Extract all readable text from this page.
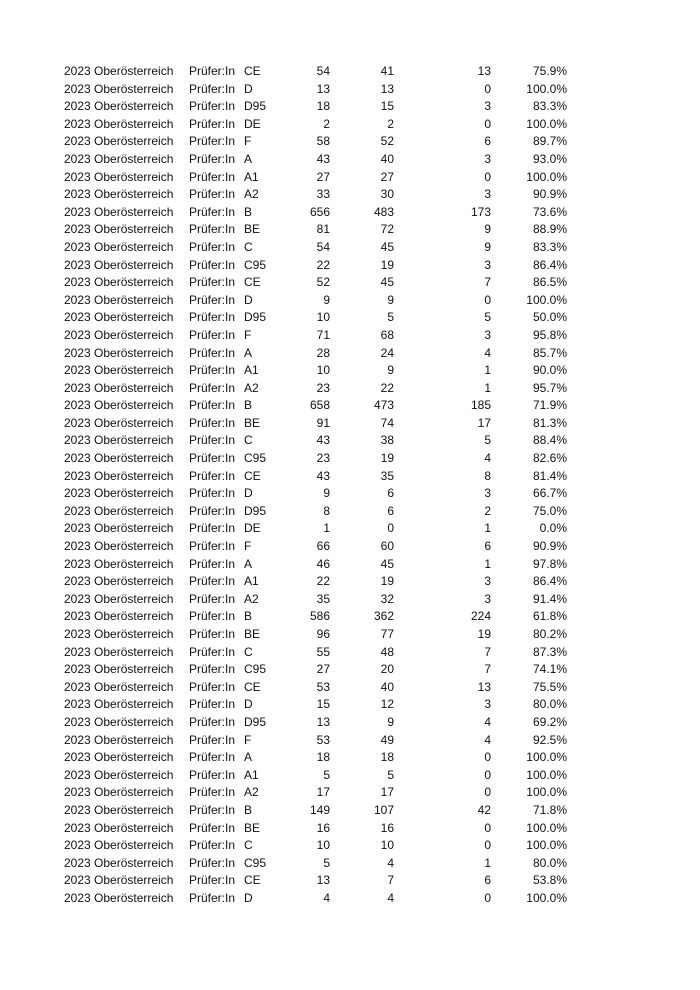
2023 Oberösterreich	Prüfer:In CE	54	41	13	75.9%
2023 Oberösterreich	Prüfer:In D	13	13	0	100.0%
2023 Oberösterreich	Prüfer:In D95	18	15	3	83.3%
2023 Oberösterreich	Prüfer:In DE	2	2	0	100.0%
2023 Oberösterreich	Prüfer:In F	58	52	6	89.7%
2023 Oberösterreich	Prüfer:In A	43	40	3	93.0%
2023 Oberösterreich	Prüfer:In A1	27	27	0	100.0%
2023 Oberösterreich	Prüfer:In A2	33	30	3	90.9%
2023 Oberösterreich	Prüfer:In B	656	483	173	73.6%
2023 Oberösterreich	Prüfer:In BE	81	72	9	88.9%
2023 Oberösterreich	Prüfer:In C	54	45	9	83.3%
2023 Oberösterreich	Prüfer:In C95	22	19	3	86.4%
2023 Oberösterreich	Prüfer:In CE	52	45	7	86.5%
2023 Oberösterreich	Prüfer:In D	9	9	0	100.0%
2023 Oberösterreich	Prüfer:In D95	10	5	5	50.0%
2023 Oberösterreich	Prüfer:In F	71	68	3	95.8%
2023 Oberösterreich	Prüfer:In A	28	24	4	85.7%
2023 Oberösterreich	Prüfer:In A1	10	9	1	90.0%
2023 Oberösterreich	Prüfer:In A2	23	22	1	95.7%
2023 Oberösterreich	Prüfer:In B	658	473	185	71.9%
2023 Oberösterreich	Prüfer:In BE	91	74	17	81.3%
2023 Oberösterreich	Prüfer:In C	43	38	5	88.4%
2023 Oberösterreich	Prüfer:In C95	23	19	4	82.6%
2023 Oberösterreich	Prüfer:In CE	43	35	8	81.4%
2023 Oberösterreich	Prüfer:In D	9	6	3	66.7%
2023 Oberösterreich	Prüfer:In D95	8	6	2	75.0%
2023 Oberösterreich	Prüfer:In DE	1	0	1	0.0%
2023 Oberösterreich	Prüfer:In F	66	60	6	90.9%
2023 Oberösterreich	Prüfer:In A	46	45	1	97.8%
2023 Oberösterreich	Prüfer:In A1	22	19	3	86.4%
2023 Oberösterreich	Prüfer:In A2	35	32	3	91.4%
2023 Oberösterreich	Prüfer:In B	586	362	224	61.8%
2023 Oberösterreich	Prüfer:In BE	96	77	19	80.2%
2023 Oberösterreich	Prüfer:In C	55	48	7	87.3%
2023 Oberösterreich	Prüfer:In C95	27	20	7	74.1%
2023 Oberösterreich	Prüfer:In CE	53	40	13	75.5%
2023 Oberösterreich	Prüfer:In D	15	12	3	80.0%
2023 Oberösterreich	Prüfer:In D95	13	9	4	69.2%
2023 Oberösterreich	Prüfer:In F	53	49	4	92.5%
2023 Oberösterreich	Prüfer:In A	18	18	0	100.0%
2023 Oberösterreich	Prüfer:In A1	5	5	0	100.0%
2023 Oberösterreich	Prüfer:In A2	17	17	0	100.0%
2023 Oberösterreich	Prüfer:In B	149	107	42	71.8%
2023 Oberösterreich	Prüfer:In BE	16	16	0	100.0%
2023 Oberösterreich	Prüfer:In C	10	10	0	100.0%
2023 Oberösterreich	Prüfer:In C95	5	4	1	80.0%
2023 Oberösterreich	Prüfer:In CE	13	7	6	53.8%
2023 Oberösterreich	Prüfer:In D	4	4	0	100.0%
